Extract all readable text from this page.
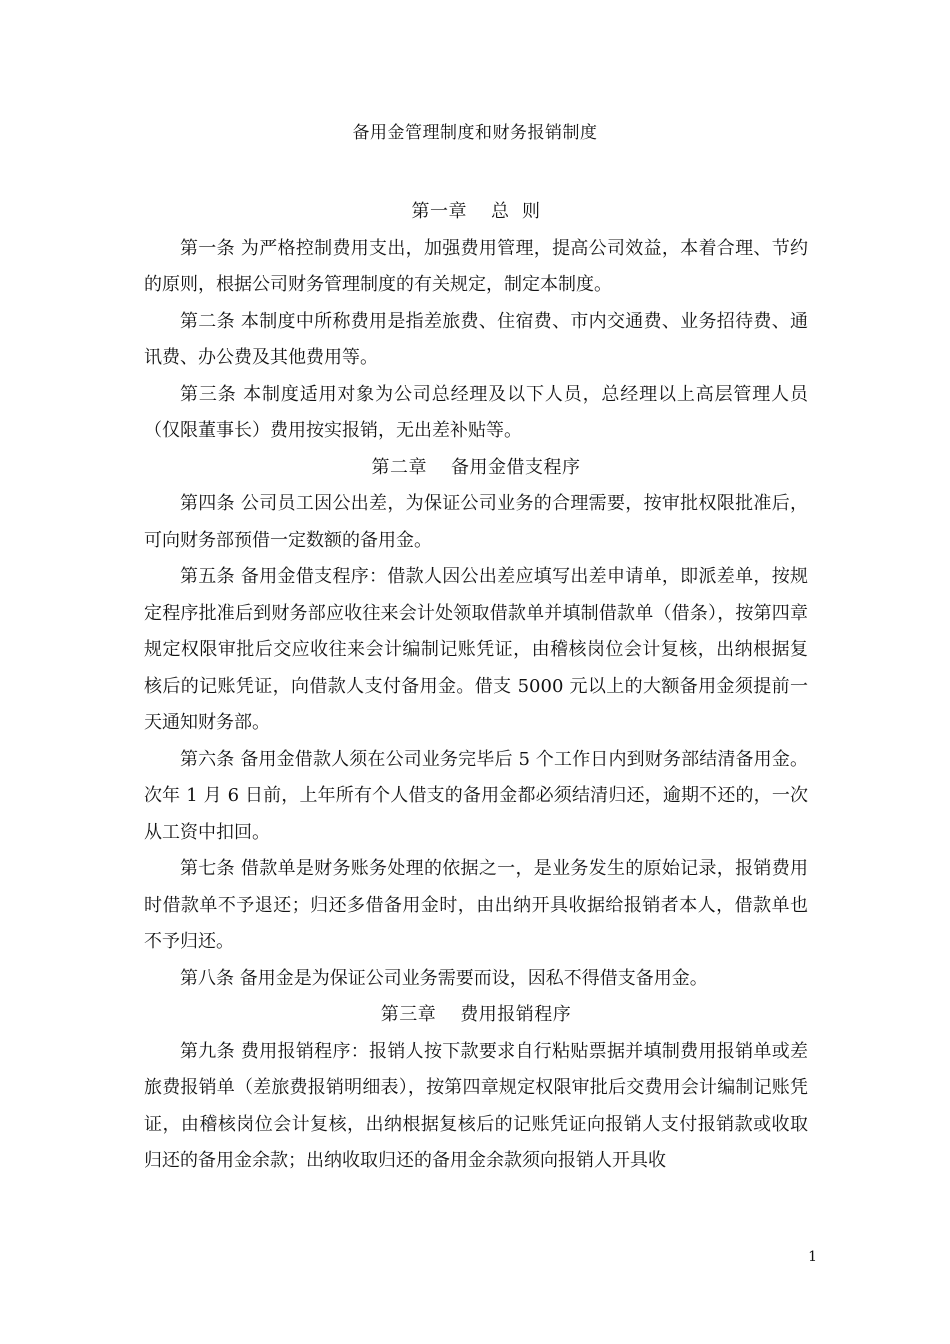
备用金管理制度和财务报销制度

第一章 总  则

第一条 为严格控制费用支出，加强费用管理，提高公司效益，本着合理、节约的原则，根据公司财务管理制度的有关规定，制定本制度。

第二条 本制度中所称费用是指差旅费、住宿费、市内交通费、业务招待费、通讯费、办公费及其他费用等。

第三条 本制度适用对象为公司总经理及以下人员，总经理以上高层管理人员（仅限董事长）费用按实报销，无出差补贴等。

第二章 备用金借支程序

第四条 公司员工因公出差，为保证公司业务的合理需要，按审批权限批准后，可向财务部预借一定数额的备用金。

第五条 备用金借支程序：借款人因公出差应填写出差申请单，即派差单，按规定程序批准后到财务部应收往来会计处领取借款单并填制借款单（借条），按第四章规定权限审批后交应收往来会计编制记账凭证，由稽核岗位会计复核，出纳根据复核后的记账凭证，向借款人支付备用金。借支 5000 元以上的大额备用金须提前一天通知财务部。

第六条 备用金借款人须在公司业务完毕后 5 个工作日内到财务部结清备用金。次年 1 月 6 日前，上年所有个人借支的备用金都必须结清归还，逾期不还的，一次从工资中扣回。

第七条 借款单是财务账务处理的依据之一，是业务发生的原始记录，报销费用时借款单不予退还；归还多借备用金时，由出纳开具收据给报销者本人，借款单也不予归还。

第八条 备用金是为保证公司业务需要而设，因私不得借支备用金。

第三章 费用报销程序

第九条 费用报销程序：报销人按下款要求自行粘贴票据并填制费用报销单或差旅费报销单（差旅费报销明细表），按第四章规定权限审批后交费用会计编制记账凭证，由稽核岗位会计复核，出纳根据复核后的记账凭证向报销人支付报销款或收取归还的备用金余款；出纳收取归还的备用金余款须向报销人开具收

1
